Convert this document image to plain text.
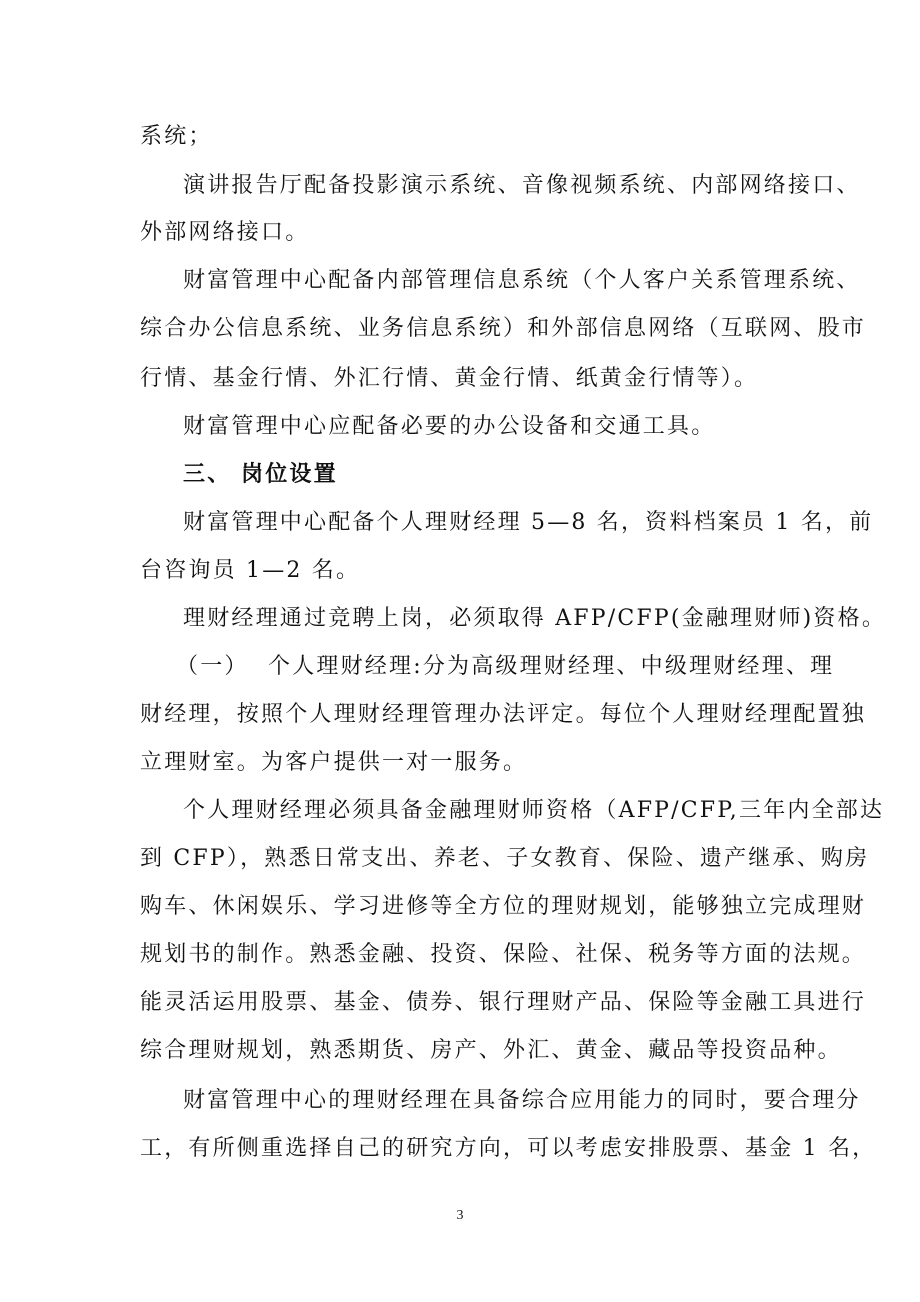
系统；
演讲报告厅配备投影演示系统、音像视频系统、内部网络接口、
外部网络接口。
财富管理中心配备内部管理信息系统（个人客户关系管理系统、
综合办公信息系统、业务信息系统）和外部信息网络（互联网、股市
行情、基金行情、外汇行情、黄金行情、纸黄金行情等）。
财富管理中心应配备必要的办公设备和交通工具。
三、 岗位设置
财富管理中心配备个人理财经理 5—8 名，资料档案员 1 名，前
台咨询员 1—2 名。
理财经理通过竞聘上岗，必须取得 AFP/CFP(金融理财师)资格。
（一） 个人理财经理:分为高级理财经理、中级理财经理、理
财经理，按照个人理财经理管理办法评定。每位个人理财经理配置独
立理财室。为客户提供一对一服务。
个人理财经理必须具备金融理财师资格（AFP/CFP,三年内全部达
到 CFP），熟悉日常支出、养老、子女教育、保险、遗产继承、购房
购车、休闲娱乐、学习进修等全方位的理财规划，能够独立完成理财
规划书的制作。熟悉金融、投资、保险、社保、税务等方面的法规。
能灵活运用股票、基金、债券、银行理财产品、保险等金融工具进行
综合理财规划，熟悉期货、房产、外汇、黄金、藏品等投资品种。
财富管理中心的理财经理在具备综合应用能力的同时，要合理分
工，有所侧重选择自己的研究方向，可以考虑安排股票、基金 1 名，
3
